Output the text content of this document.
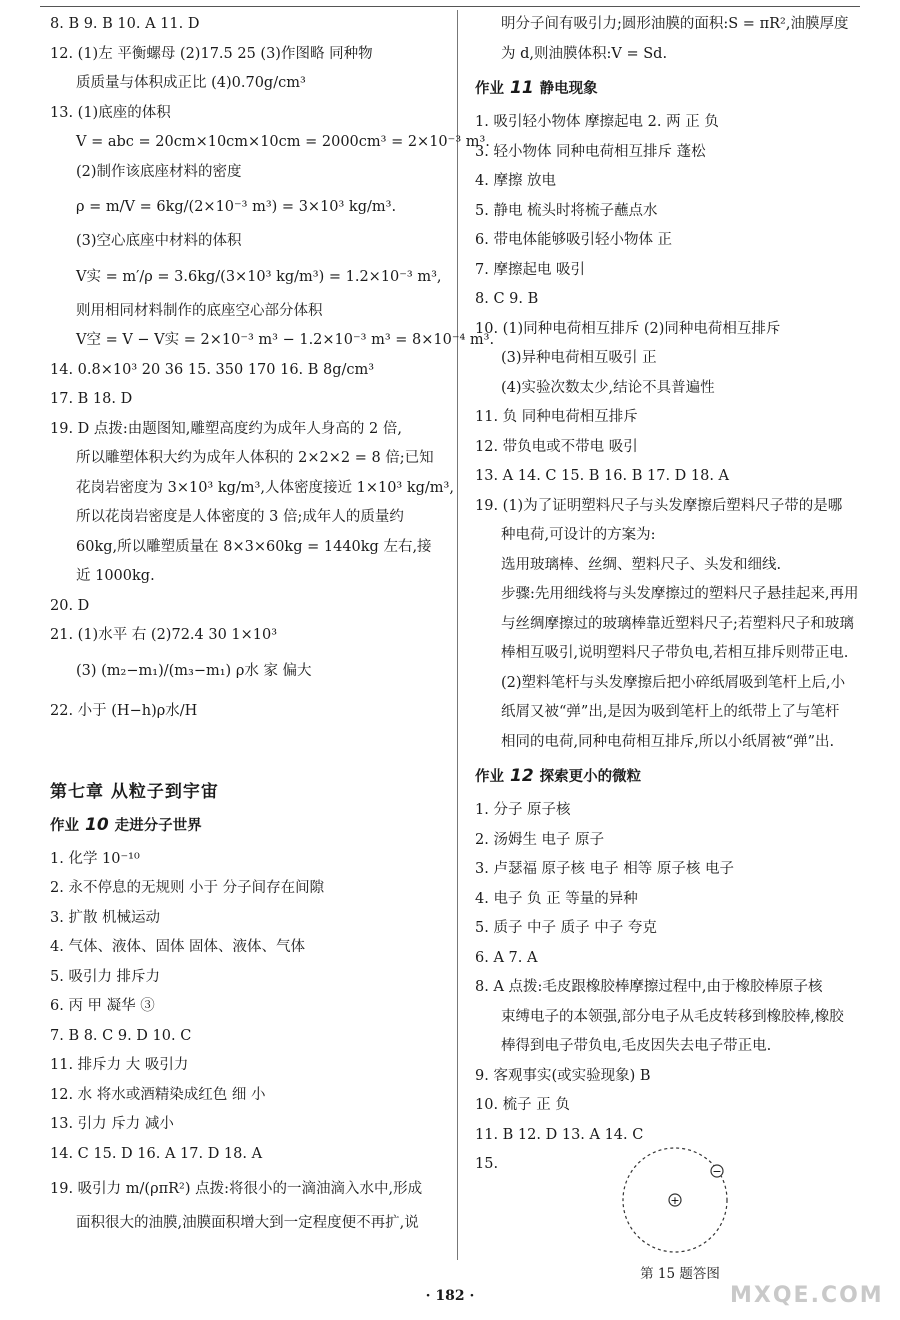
8. B 9. B 10. A 11. D
12. (1)左 平衡螺母 (2)17.5 25 (3)作图略 同种物
质质量与体积成正比 (4)0.70g/cm³
13. (1)底座的体积
V = abc = 20cm×10cm×10cm = 2000cm³ = 2×10⁻³ m³.
(2)制作该底座材料的密度
ρ = m/V = 6kg/(2×10⁻³ m³) = 3×10³ kg/m³.
(3)空心底座中材料的体积
V实 = m′/ρ = 3.6kg/(3×10³ kg/m³) = 1.2×10⁻³ m³,
则用相同材料制作的底座空心部分体积
V空 = V − V实 = 2×10⁻³ m³ − 1.2×10⁻³ m³ = 8×10⁻⁴ m³.
14. 0.8×10³ 20 36 15. 350 170 16. B 8g/cm³
17. B 18. D
19. D 点拨:由题图知,雕塑高度约为成年人身高的 2 倍,
所以雕塑体积大约为成年人体积的 2×2×2 = 8 倍;已知
花岗岩密度为 3×10³ kg/m³,人体密度接近 1×10³ kg/m³,
所以花岗岩密度是人体密度的 3 倍;成年人的质量约
60kg,所以雕塑质量在 8×3×60kg = 1440kg 左右,接
近 1000kg.
20. D
21. (1)水平 右 (2)72.4 30 1×10³
(3) (m₂−m₁)/(m₃−m₁) ρ水 家 偏大
22. 小于 (H−h)ρ水/H
第七章 从粒子到宇宙
作业 10 走进分子世界
1. 化学 10⁻¹⁰
2. 永不停息的无规则 小于 分子间存在间隙
3. 扩散 机械运动
4. 气体、液体、固体 固体、液体、气体
5. 吸引力 排斥力
6. 丙 甲 凝华 ③
7. B 8. C 9. D 10. C
11. 排斥力 大 吸引力
12. 水 将水或酒精染成红色 细 小
13. 引力 斥力 减小
14. C 15. D 16. A 17. D 18. A
19. 吸引力 m/(ρπR²) 点拨:将很小的一滴油滴入水中,形成
面积很大的油膜,油膜面积增大到一定程度便不再扩,说
明分子间有吸引力;圆形油膜的面积:S = πR²,油膜厚度
为 d,则油膜体积:V = Sd.
作业 11 静电现象
1. 吸引轻小物体 摩擦起电 2. 两 正 负
3. 轻小物体 同种电荷相互排斥 蓬松
4. 摩擦 放电
5. 静电 梳头时将梳子蘸点水
6. 带电体能够吸引轻小物体 正
7. 摩擦起电 吸引
8. C 9. B
10. (1)同种电荷相互排斥 (2)同种电荷相互排斥
(3)异种电荷相互吸引 正
(4)实验次数太少,结论不具普遍性
11. 负 同种电荷相互排斥
12. 带负电或不带电 吸引
13. A 14. C 15. B 16. B 17. D 18. A
19. (1)为了证明塑料尺子与头发摩擦后塑料尺子带的是哪
种电荷,可设计的方案为:
选用玻璃棒、丝绸、塑料尺子、头发和细线.
步骤:先用细线将与头发摩擦过的塑料尺子悬挂起来,再用
与丝绸摩擦过的玻璃棒靠近塑料尺子;若塑料尺子和玻璃
棒相互吸引,说明塑料尺子带负电,若相互排斥则带正电.
(2)塑料笔杆与头发摩擦后把小碎纸屑吸到笔杆上后,小
纸屑又被“弹”出,是因为吸到笔杆上的纸带上了与笔杆
相同的电荷,同种电荷相互排斥,所以小纸屑被“弹”出.
作业 12 探索更小的微粒
1. 分子 原子核
2. 汤姆生 电子 原子
3. 卢瑟福 原子核 电子 相等 原子核 电子
4. 电子 负 正 等量的异种
5. 质子 中子 质子 中子 夸克
6. A 7. A
8. A 点拨:毛皮跟橡胶棒摩擦过程中,由于橡胶棒原子核
束缚电子的本领强,部分电子从毛皮转移到橡胶棒,橡胶
棒得到电子带负电,毛皮因失去电子带正电.
9. 客观事实(或实验现象) B
10. 梳子 正 负
11. B 12. D 13. A 14. C
15.
+
−
第 15 题答图
· 182 ·	MXQE.COM
